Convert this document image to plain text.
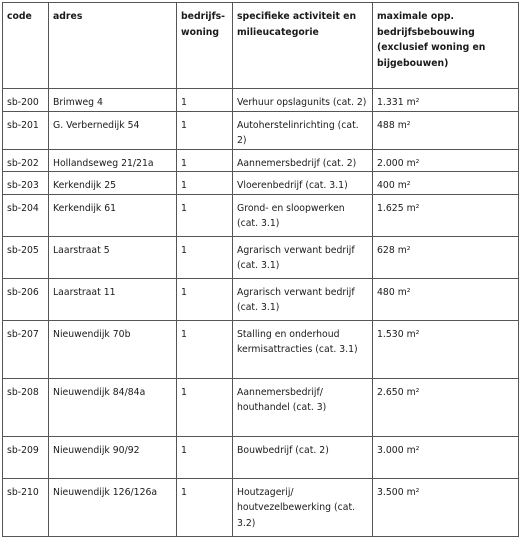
code	adres	bedrijfs-woning	specifieke activiteit en milieucategorie	maximale opp. bedrijfsbebouwing (exclusief woning en bijgebouwen)
sb-200	Brimweg 4	1	Verhuur opslagunits (cat. 2)	1.331 m²
sb-201	G. Verbernedijk 54	1	Autoherstelinrichting (cat. 2)	488 m²
sb-202	Hollandseweg 21/21a	1	Aannemersbedrijf (cat. 2)	2.000 m²
sb-203	Kerkendijk 25	1	Vloerenbedrijf (cat. 3.1)	400 m²
sb-204	Kerkendijk 61	1	Grond- en sloopwerken (cat. 3.1)	1.625 m²
sb-205	Laarstraat 5	1	Agrarisch verwant bedrijf (cat. 3.1)	628 m²
sb-206	Laarstraat 11	1	Agrarisch verwant bedrijf (cat. 3.1)	480 m²
sb-207	Nieuwendijk 70b	1	Stalling en onderhoud kermisattracties (cat. 3.1)	1.530 m²
sb-208	Nieuwendijk 84/84a	1	Aannemersbedrijf/ houthandel (cat. 3)	2.650 m²
sb-209	Nieuwendijk 90/92	1	Bouwbedrijf (cat. 2)	3.000 m²
sb-210	Nieuwendijk 126/126a	1	Houtzagerij/ houtvezelbewerking (cat. 3.2)	3.500 m²
